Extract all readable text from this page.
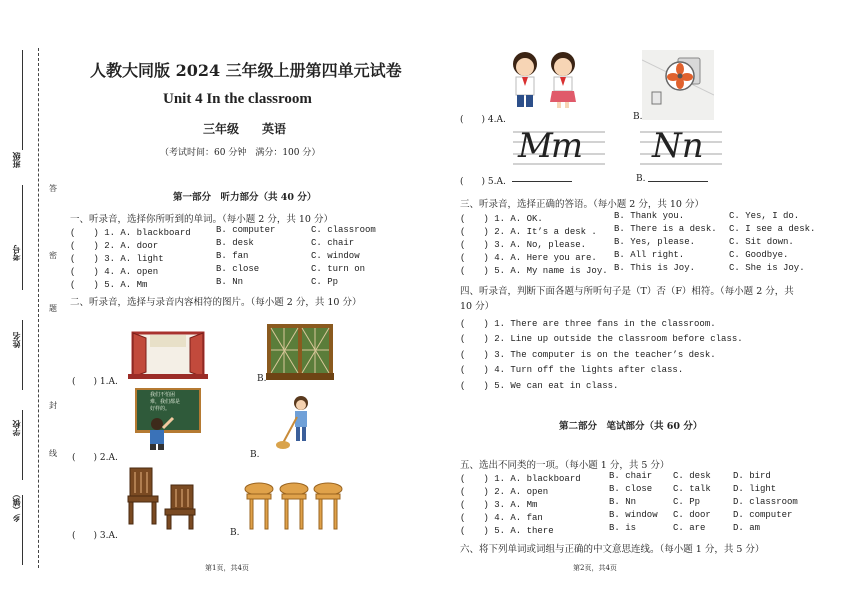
班级
考号
姓名
学校
乡（镇）
答
密
题
封
线
人教大同版 2024 三年级上册第四单元试卷
Unit 4 In the classroom
三年级 英语
（考试时间：60 分钟　满分：100 分）
第一部分　听力部分（共 40 分）
一、听录音，选择你所听到的单词。（每小题 2 分，共 10 分）
(　　) 1. A. blackboard	B. computer	C. classroom
(　　) 2. A. door	B. desk	C. chair
(　　) 3. A. light	B. fan	C. window
(　　) 4. A. open	B. close	C. turn on
(　　) 5. A. Mm	B. Nn	C. Pp
二、听录音，选择与录音内容相符的图片。（每小题 2 分，共 10 分）
(　　) 1.A.	B.
我们不怕困
难，我们都是
好样的。
(　　) 2.A.	B.
(　　) 3.A.	B.
第1页，共4页
(　　) 4.A.	B.
Mm Nn
(　　) 5.A.	B.
三、听录音，选择正确的答语。（每小题 2 分，共 10 分）
(　　) 1. A. OK.	B. Thank you.	C. Yes, I do.
(　　) 2. A. It’s a desk . B. There is a desk. C. I see a desk.
(　　) 3. A. No, please.	B. Yes, please.	C. Sit down.
(　　) 4. A. Here you are. B. All right.	C. Goodbye.
(　　) 5. A. My name is Joy. B. This is Joy.	C. She is Joy.
四、听录音，判断下面各题与所听句子是（T）否（F）相符。（每小题 2 分，共
10 分）
(　　) 1. There are three fans in the classroom.
(　　) 2. Line up outside the classroom before class.
(　　) 3. The computer is on the teacher’s desk.
(　　) 4. Turn off the lights after class.
(　　) 5. We can eat in class.
第二部分　笔试部分（共 60 分）
五、选出不同类的一项。（每小题 1 分，共 5 分）
(　　) 1. A. blackboard	B. chair C. desk D. bird
(　　) 2. A. open	B. close C. talk D. light
(　　) 3. A. Mm	B. Nn	C. Pp	D. classroom
(　　) 4. A. fan	B. window C. door D. computer
(　　) 5. A. there	B. is	C. are	D. am
六、将下列单词或词组与正确的中文意思连线。（每小题 1 分，共 5 分）
第2页，共4页
